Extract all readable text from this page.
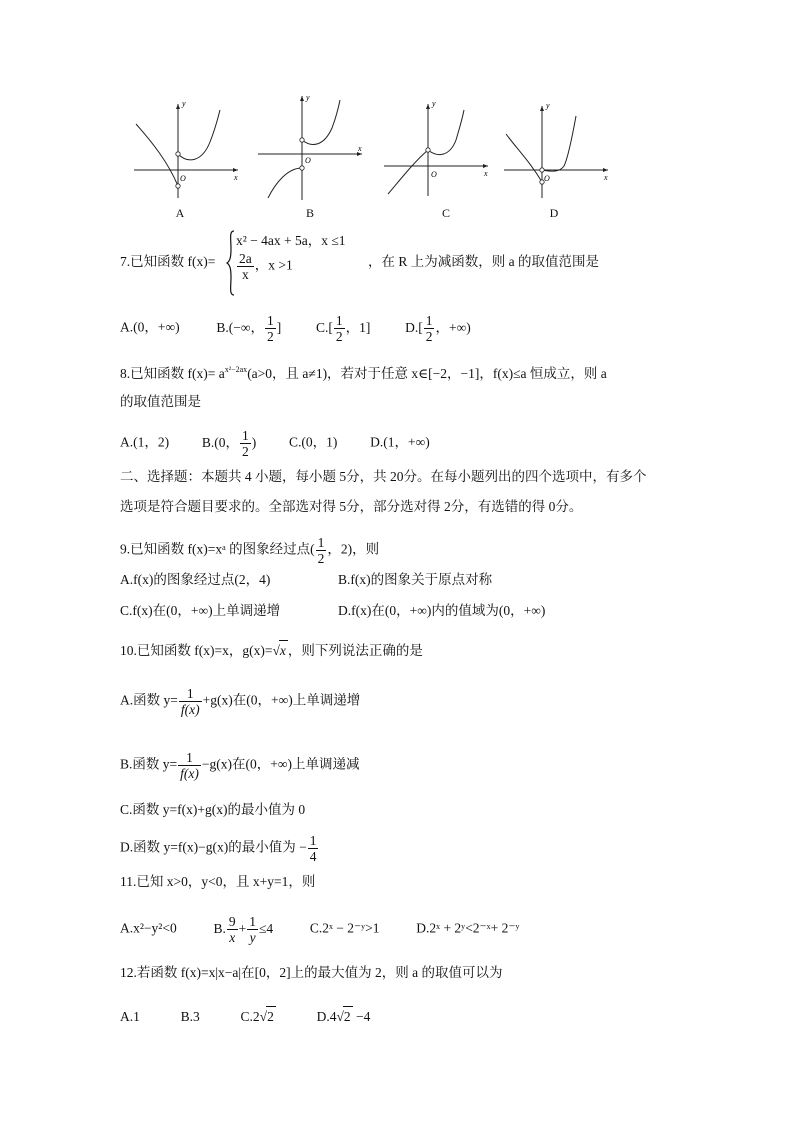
O	x
y
A
O
x
y
B
O	x
y
C
O	x
y
D
7.已知函数 f(x)=
x² − 4ax + 5a，x ≤1
$\frac{2a}{x}$ ，x >1	，在 R 上为减函数，则 a 的取值范围是
A.(0，+∞)	B.(−∞， $\frac{1}{2}$ ]	$C.[ \frac{1}{2}$ ，1]	$D.[ \frac{1}{2}$ ，+∞)
8.已知函数 $f(x)= a^{x^2-2ax}(a>0$，且 a≠1)，若对于任意 x∈[−2，−1]，f(x)≤a 恒成立，则 a
的取值范围是
A.(1，2) B.(0， $\frac{1}{2}$ ) C.(0，1) D.(1，+∞)
二、选择题：本题共 4 小题，每小题 5分，共 20分。在每小题列出的四个选项中，有多个
选项是符合题目要求的。全部选对得 5分，部分选对得 2分，有选错的得 0分。
9.已知函数 f(x)=xᵃ 的图象经过点( $\frac{1}{2}$ ，2)，则
A.f(x)的图象经过点(2，4)	B.f(x)的图象关于原点对称
C.f(x)在(0，+∞)上单调递增	D.f(x)在(0，+∞)内的值域为(0，+∞)
10.已知函数 f(x)=x，g(x)=√x ，则下列说法正确的是
A.函数 $y= \frac{1}{f(x)} +g(x)$在(0，+∞)上单调递增
B.函数 $y= \frac{1}{f(x)} -g(x)$在(0，+∞)上单调递减
C.函数 y=f(x)+g(x)的最小值为 0
D.函数 y=f(x)−g(x)的最小值为 − $\frac{1}{4}$
11.已知 x>0，y<0，且 x+y=1，则
A.x²−y²<0	B. $\frac{9}{x} + \frac{1}{y} \le 4$	C.2ˣ − 2⁻ʸ>1	D.2ˣ + 2ʸ<2⁻ˣ+ 2⁻ʸ
12.若函数 f(x)=x|x−a|在[0，2]上的最大值为 2，则 a 的取值可以为
A.1	B.3	C.2√2	D.4√2 −4
